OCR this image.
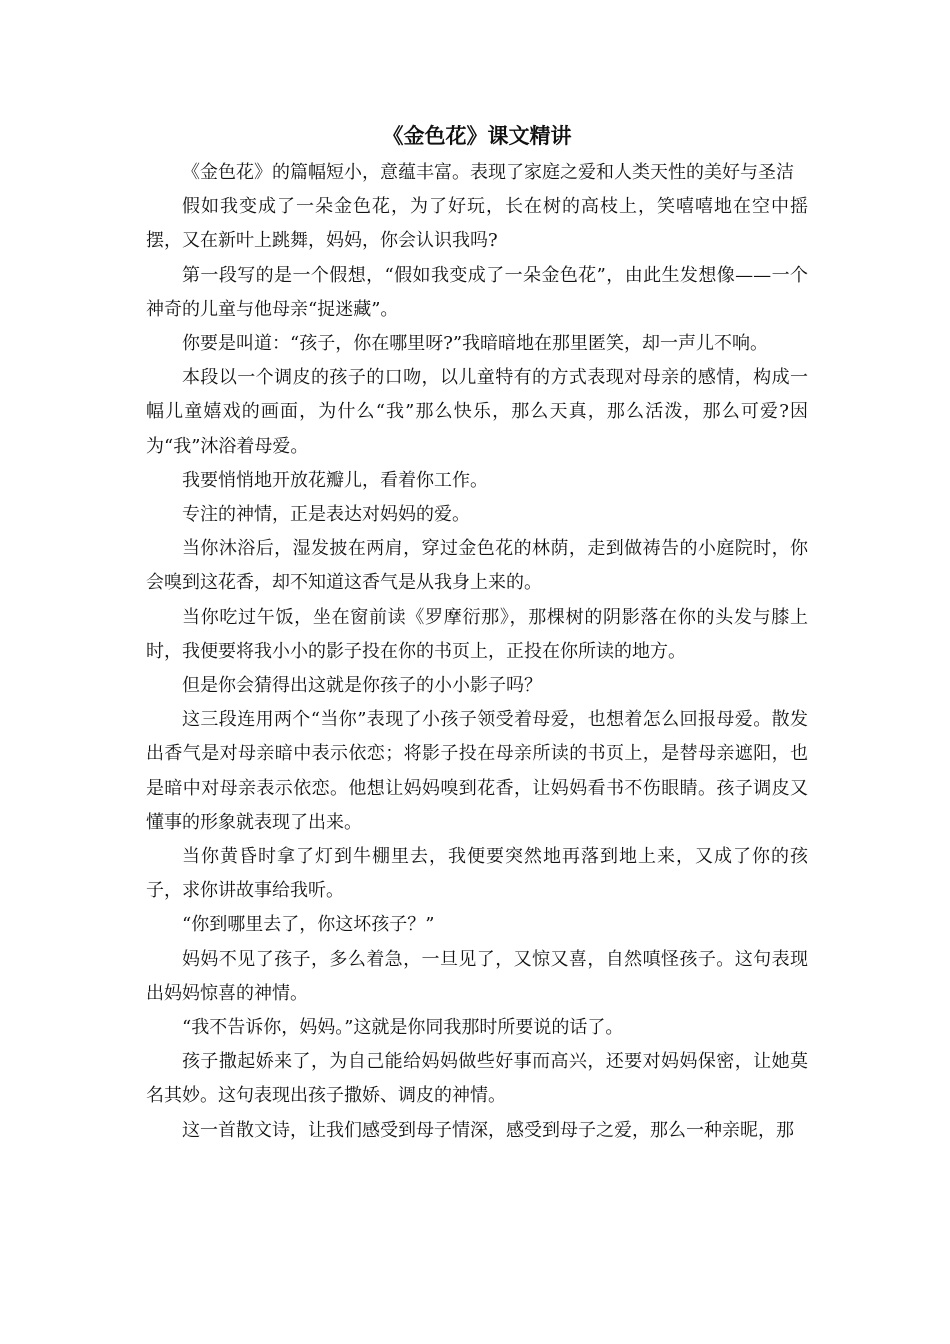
《金色花》课文精讲

《金色花》的篇幅短小，意蕴丰富。表现了家庭之爱和人类天性的美好与圣洁

假如我变成了一朵金色花，为了好玩，长在树的高枝上，笑嘻嘻地在空中摇摆，又在新叶上跳舞，妈妈，你会认识我吗?

第一段写的是一个假想，“假如我变成了一朵金色花”，由此生发想像——一个神奇的儿童与他母亲“捉迷藏”。

你要是叫道：“孩子，你在哪里呀?”我暗暗地在那里匿笑，却一声儿不响。

本段以一个调皮的孩子的口吻，以儿童特有的方式表现对母亲的感情，构成一幅儿童嬉戏的画面，为什么“我”那么快乐，那么天真，那么活泼，那么可爱?因为“我”沐浴着母爱。

我要悄悄地开放花瓣儿，看着你工作。

专注的神情，正是表达对妈妈的爱。

当你沐浴后，湿发披在两肩，穿过金色花的林荫，走到做祷告的小庭院时，你会嗅到这花香，却不知道这香气是从我身上来的。

当你吃过午饭，坐在窗前读《罗摩衍那》，那棵树的阴影落在你的头发与膝上时，我便要将我小小的影子投在你的书页上，正投在你所读的地方。

但是你会猜得出这就是你孩子的小小影子吗？

这三段连用两个“当你”表现了小孩子领受着母爱，也想着怎么回报母爱。散发出香气是对母亲暗中表示依恋；将影子投在母亲所读的书页上，是替母亲遮阳，也是暗中对母亲表示依恋。他想让妈妈嗅到花香，让妈妈看书不伤眼睛。孩子调皮又懂事的形象就表现了出来。

当你黄昏时拿了灯到牛棚里去，我便要突然地再落到地上来，又成了你的孩子，求你讲故事给我听。

“你到哪里去了，你这坏孩子？”

妈妈不见了孩子，多么着急，一旦见了，又惊又喜，自然嗔怪孩子。这句表现出妈妈惊喜的神情。

“我不告诉你，妈妈。”这就是你同我那时所要说的话了。

孩子撒起娇来了，为自己能给妈妈做些好事而高兴，还要对妈妈保密，让她莫名其妙。这句表现出孩子撒娇、调皮的神情。

这一首散文诗，让我们感受到母子情深，感受到母子之爱，那么一种亲昵，那
